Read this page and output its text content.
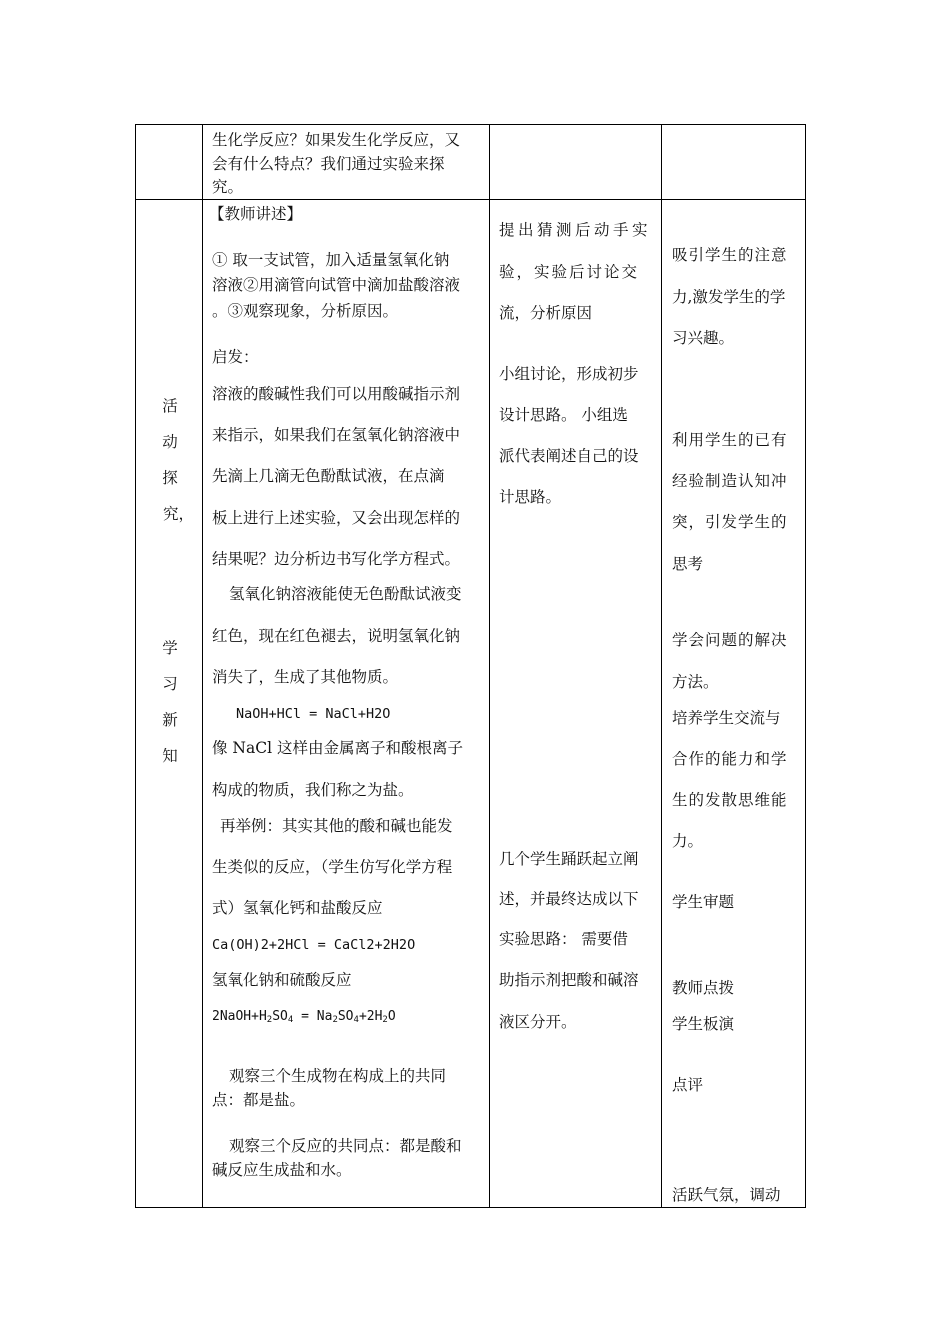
生化学反应？如果发生化学反应，又
会有什么特点？我们通过实验来探
究。
活
动
探
究，
学
习
新
知
【教师讲述】
① 取一支试管，加入适量氢氧化钠
溶液②用滴管向试管中滴加盐酸溶液
。③观察现象，分析原因。
启发：
溶液的酸碱性我们可以用酸碱指示剂
来指示，如果我们在氢氧化钠溶液中
先滴上几滴无色酚酞试液，在点滴
板上进行上述实验，又会出现怎样的
结果呢？边分析边书写化学方程式。
氢氧化钠溶液能使无色酚酞试液变
红色，现在红色褪去，说明氢氧化钠
消失了，生成了其他物质。
NaOH+HCl = NaCl+H2O
像 NaCl 这样由金属离子和酸根离子
构成的物质，我们称之为盐。
再举例：其实其他的酸和碱也能发
生类似的反应，（学生仿写化学方程
式）氢氧化钙和盐酸反应
Ca(OH)2+2HCl = CaCl2+2H2O
氢氧化钠和硫酸反应
$2NaOH+H_2SO_4 = Na_2SO_4+2H_2O$
观察三个生成物在构成上的共同
点：都是盐。
观察三个反应的共同点：都是酸和
碱反应生成盐和水。
提出猜测后动手实
验，实验后讨论交
流，分析原因
小组讨论，形成初步
设计思路。 小组选
派代表阐述自己的设
计思路。
几个学生踊跃起立阐
述，并最终达成以下
实验思路： 需要借
助指示剂把酸和碱溶
液区分开。
吸引学生的注意
力,激发学生的学
习兴趣。
利用学生的已有
经验制造认知冲
突，引发学生的
思考
学会问题的解决
方法。
培养学生交流与
合作的能力和学
生的发散思维能
力。
学生审题
教师点拨
学生板演
点评
活跃气氛，调动
